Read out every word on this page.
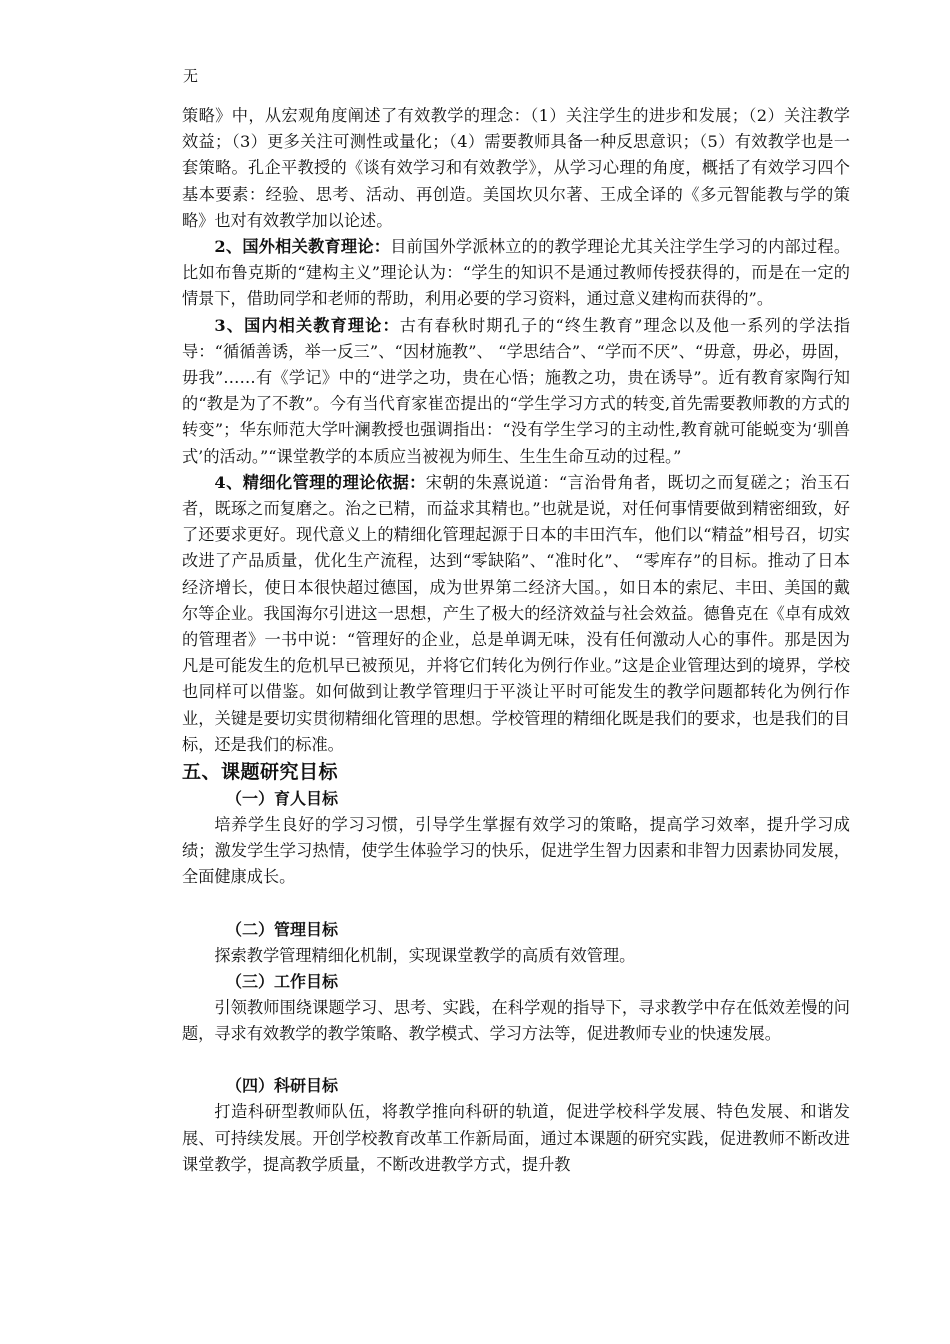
无

策略》中，从宏观角度阐述了有效教学的理念：（1）关注学生的进步和发展；（2）关注教学效益；（3）更多关注可测性或量化；（4）需要教师具备一种反思意识；（5）有效教学也是一套策略。孔企平教授的《谈有效学习和有效教学》，从学习心理的角度，概括了有效学习四个基本要素：经验、思考、活动、再创造。美国坎贝尔著、王成全译的《多元智能教与学的策略》也对有效教学加以论述。

2、国外相关教育理论：目前国外学派林立的的教学理论尤其关注学生学习的内部过程。比如布鲁克斯的“建构主义”理论认为：“学生的知识不是通过教师传授获得的，而是在一定的情景下，借助同学和老师的帮助，利用必要的学习资料，通过意义建构而获得的”。

3、国内相关教育理论：古有春秋时期孔子的“终生教育”理念以及他一系列的学法指导：“循循善诱，举一反三”、“因材施教”、 “学思结合”、“学而不厌”、“毋意，毋必，毋固，毋我”……有《学记》中的“进学之功，贵在心悟；施教之功，贵在诱导”。近有教育家陶行知的“教是为了不教”。今有当代育家崔峦提出的“学生学习方式的转变,首先需要教师教的方式的转变”；华东师范大学叶澜教授也强调指出：“没有学生学习的主动性,教育就可能蜕变为‘驯兽式’的活动。”“课堂教学的本质应当被视为师生、生生生命互动的过程。”

4、精细化管理的理论依据：宋朝的朱熹说道：“言治骨角者，既切之而复磋之；治玉石者，既琢之而复磨之。治之已精，而益求其精也。”也就是说，对任何事情要做到精密细致，好了还要求更好。现代意义上的精细化管理起源于日本的丰田汽车，他们以“精益”相号召，切实改进了产品质量，优化生产流程，达到“零缺陷”、“准时化”、 “零库存”的目标。推动了日本经济增长，使日本很快超过德国，成为世界第二经济大国。，如日本的索尼、丰田、美国的戴尔等企业。我国海尔引进这一思想，产生了极大的经济效益与社会效益。德鲁克在《卓有成效的管理者》一书中说：“管理好的企业，总是单调无味，没有任何激动人心的事件。那是因为凡是可能发生的危机早已被预见，并将它们转化为例行作业。”这是企业管理达到的境界，学校也同样可以借鉴。如何做到让教学管理归于平淡让平时可能发生的教学问题都转化为例行作业，关键是要切实贯彻精细化管理的思想。学校管理的精细化既是我们的要求，也是我们的目标，还是我们的标准。

五、课题研究目标
（一）育人目标

培养学生良好的学习习惯，引导学生掌握有效学习的策略，提高学习效率，提升学习成绩；激发学生学习热情，使学生体验学习的快乐，促进学生智力因素和非智力因素协同发展，全面健康成长。

（二）管理目标

探索教学管理精细化机制，实现课堂教学的高质有效管理。

（三）工作目标

引领教师围绕课题学习、思考、实践，在科学观的指导下，寻求教学中存在低效差慢的问题，寻求有效教学的教学策略、教学模式、学习方法等，促进教师专业的快速发展。

（四）科研目标

打造科研型教师队伍，将教学推向科研的轨道，促进学校科学发展、特色发展、和谐发展、可持续发展。开创学校教育改革工作新局面，通过本课题的研究实践，促进教师不断改进课堂教学，提高教学质量，不断改进教学方式，提升教
